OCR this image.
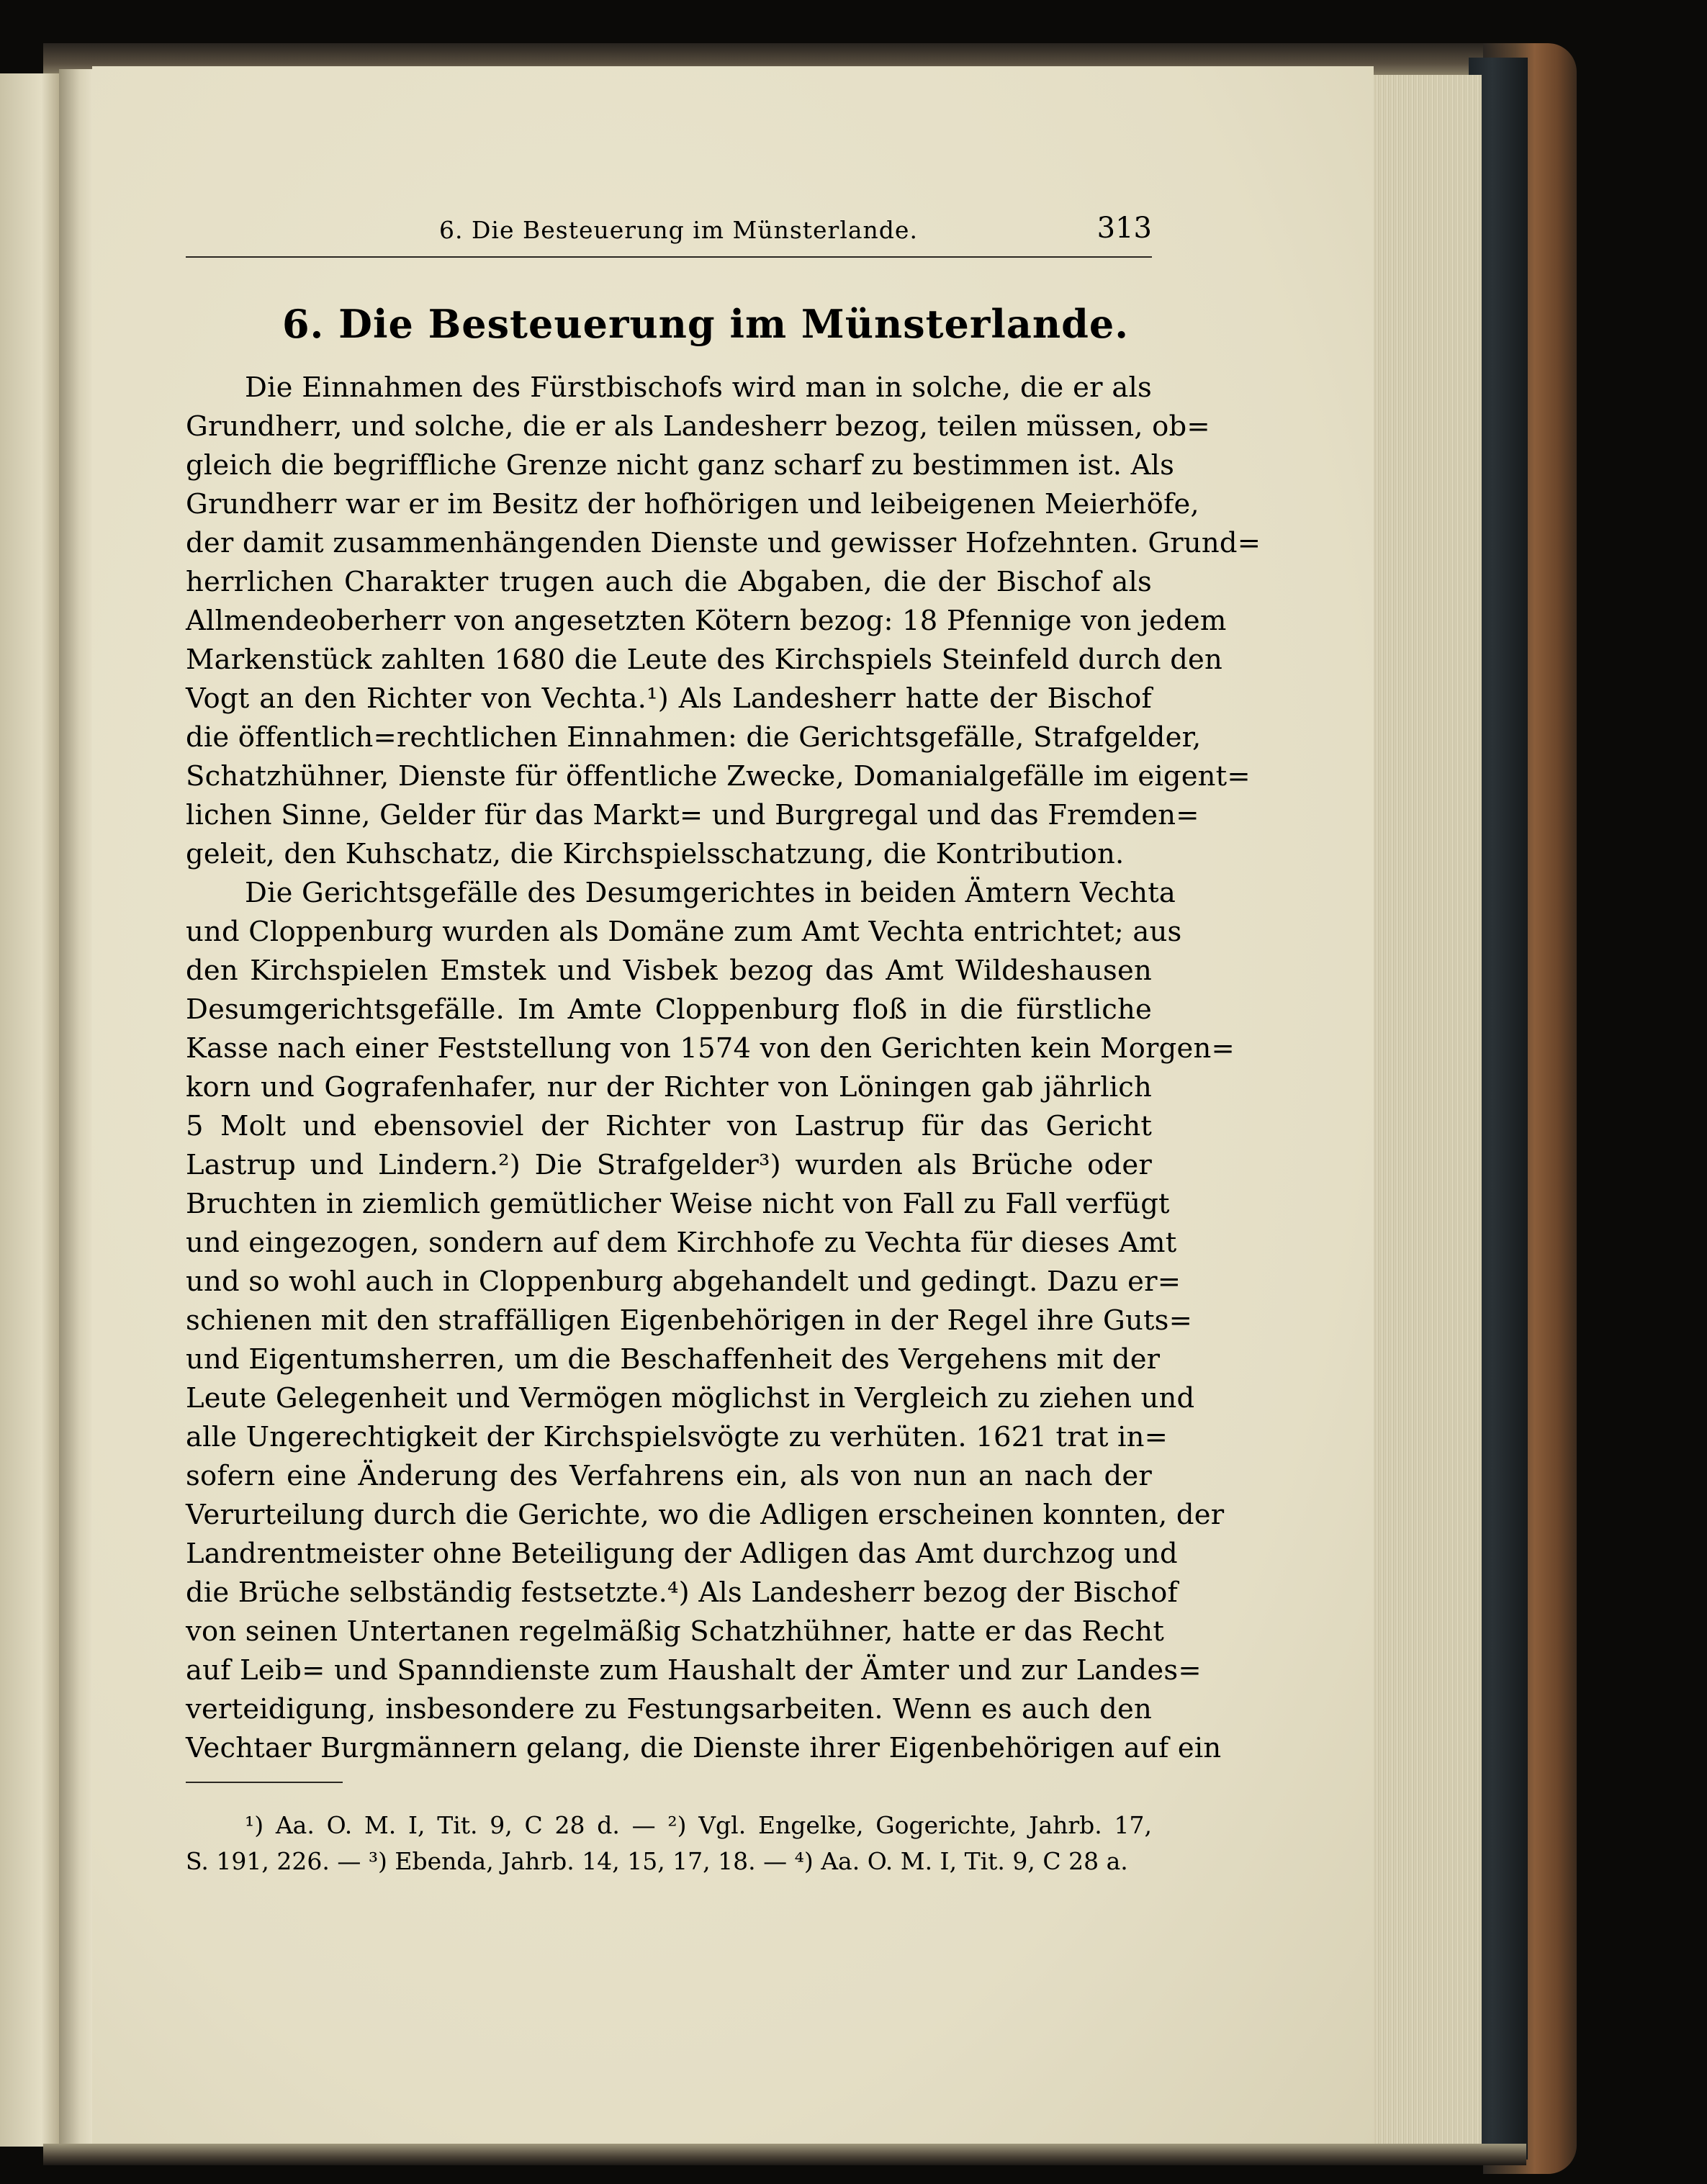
6. Die Besteuerung im Münsterlande.	313
6. Die Besteuerung im Münsterlande.
Die Einnahmen des Fürstbischofs wird man in solche, die er als
Grundherr, und solche, die er als Landesherr bezog, teilen müssen, ob=
gleich die begriffliche Grenze nicht ganz scharf zu bestimmen ist. Als
Grundherr war er im Besitz der hofhörigen und leibeigenen Meierhöfe,
der damit zusammenhängenden Dienste und gewisser Hofzehnten. Grund=
herrlichen Charakter trugen auch die Abgaben, die der Bischof als
Allmendeoberherr von angesetzten Kötern bezog: 18 Pfennige von jedem
Markenstück zahlten 1680 die Leute des Kirchspiels Steinfeld durch den
Vogt an den Richter von Vechta.¹) Als Landesherr hatte der Bischof
die öffentlich=rechtlichen Einnahmen: die Gerichtsgefälle, Strafgelder,
Schatzhühner, Dienste für öffentliche Zwecke, Domanialgefälle im eigent=
lichen Sinne, Gelder für das Markt= und Burgregal und das Fremden=
geleit, den Kuhschatz, die Kirchspielsschatzung, die Kontribution.
Die Gerichtsgefälle des Desumgerichtes in beiden Ämtern Vechta
und Cloppenburg wurden als Domäne zum Amt Vechta entrichtet; aus
den Kirchspielen Emstek und Visbek bezog das Amt Wildeshausen
Desumgerichtsgefälle. Im Amte Cloppenburg floß in die fürstliche
Kasse nach einer Feststellung von 1574 von den Gerichten kein Morgen=
korn und Gografenhafer, nur der Richter von Löningen gab jährlich
5 Molt und ebensoviel der Richter von Lastrup für das Gericht
Lastrup und Lindern.²) Die Strafgelder³) wurden als Brüche oder
Bruchten in ziemlich gemütlicher Weise nicht von Fall zu Fall verfügt
und eingezogen, sondern auf dem Kirchhofe zu Vechta für dieses Amt
und so wohl auch in Cloppenburg abgehandelt und gedingt. Dazu er=
schienen mit den straffälligen Eigenbehörigen in der Regel ihre Guts=
und Eigentumsherren, um die Beschaffenheit des Vergehens mit der
Leute Gelegenheit und Vermögen möglichst in Vergleich zu ziehen und
alle Ungerechtigkeit der Kirchspielsvögte zu verhüten. 1621 trat in=
sofern eine Änderung des Verfahrens ein, als von nun an nach der
Verurteilung durch die Gerichte, wo die Adligen erscheinen konnten, der
Landrentmeister ohne Beteiligung der Adligen das Amt durchzog und
die Brüche selbständig festsetzte.⁴) Als Landesherr bezog der Bischof
von seinen Untertanen regelmäßig Schatzhühner, hatte er das Recht
auf Leib= und Spanndienste zum Haushalt der Ämter und zur Landes=
verteidigung, insbesondere zu Festungsarbeiten. Wenn es auch den
Vechtaer Burgmännern gelang, die Dienste ihrer Eigenbehörigen auf ein
¹) Aa. O. M. I, Tit. 9, C 28 d. — ²) Vgl. Engelke, Gogerichte, Jahrb. 17,
S. 191, 226. — ³) Ebenda, Jahrb. 14, 15, 17, 18. — ⁴) Aa. O. M. I, Tit. 9, C 28 a.
